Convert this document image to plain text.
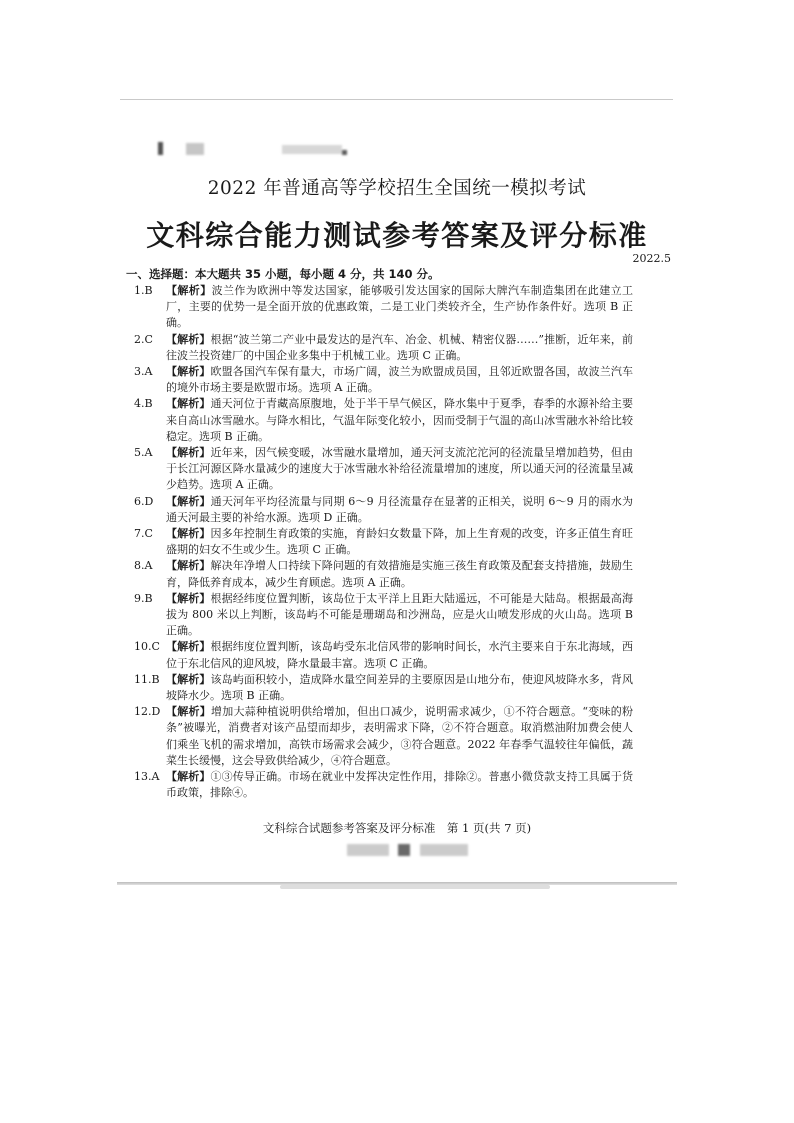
2022 年普通高等学校招生全国统一模拟考试
文科综合能力测试参考答案及评分标准
2022.5
一、选择题：本大题共 35 小题，每小题 4 分，共 140 分。
1.B	【解析】波兰作为欧洲中等发达国家，能够吸引发达国家的国际大牌汽车制造集团在此建立工厂，主要的优势一是全面开放的优惠政策，二是工业门类较齐全，生产协作条件好。选项 B 正确。
2.C	【解析】根据“波兰第二产业中最发达的是汽车、冶金、机械、精密仪器……”推断，近年来，前往波兰投资建厂的中国企业多集中于机械工业。选项 C 正确。
3.A	【解析】欧盟各国汽车保有量大，市场广阔，波兰为欧盟成员国，且邻近欧盟各国，故波兰汽车的境外市场主要是欧盟市场。选项 A 正确。
4.B	【解析】通天河位于青藏高原腹地，处于半干旱气候区，降水集中于夏季，春季的水源补给主要来自高山冰雪融水。与降水相比，气温年际变化较小，因而受制于气温的高山冰雪融水补给比较稳定。选项 B 正确。
5.A	【解析】近年来，因气候变暖，冰雪融水量增加，通天河支流沱沱河的径流量呈增加趋势，但由于长江河源区降水量减少的速度大于冰雪融水补给径流量增加的速度，所以通天河的径流量呈减少趋势。选项 A 正确。
6.D	【解析】通天河年平均径流量与同期 6～9 月径流量存在显著的正相关，说明 6～9 月的雨水为通天河最主要的补给水源。选项 D 正确。
7.C	【解析】因多年控制生育政策的实施，育龄妇女数量下降，加上生育观的改变，许多正值生育旺盛期的妇女不生或少生。选项 C 正确。
8.A	【解析】解决年净增人口持续下降问题的有效措施是实施三孩生育政策及配套支持措施，鼓励生育，降低养育成本，减少生育顾虑。选项 A 正确。
9.B	【解析】根据经纬度位置判断，该岛位于太平洋上且距大陆遥远，不可能是大陆岛。根据最高海拔为 800 米以上判断，该岛屿不可能是珊瑚岛和沙洲岛，应是火山喷发形成的火山岛。选项 B 正确。
10.C 【解析】根据纬度位置判断，该岛屿受东北信风带的影响时间长，水汽主要来自于东北海域，西位于东北信风的迎风坡，降水量最丰富。选项 C 正确。
11.B 【解析】该岛屿面积较小，造成降水量空间差异的主要原因是山地分布，使迎风坡降水多，背风坡降水少。选项 B 正确。
12.D 【解析】增加大蒜种植说明供给增加，但出口减少，说明需求减少，①不符合题意。“变味的粉条”被曝光，消费者对该产品望而却步，表明需求下降，②不符合题意。取消燃油附加费会使人们乘坐飞机的需求增加，高铁市场需求会减少，③符合题意。2022 年春季气温较往年偏低，蔬菜生长缓慢，这会导致供给减少，④符合题意。
13.A 【解析】①③传导正确。市场在就业中发挥决定性作用，排除②。普惠小微贷款支持工具属于货币政策，排除④。
文科综合试题参考答案及评分标准　第 1 页(共 7 页)
